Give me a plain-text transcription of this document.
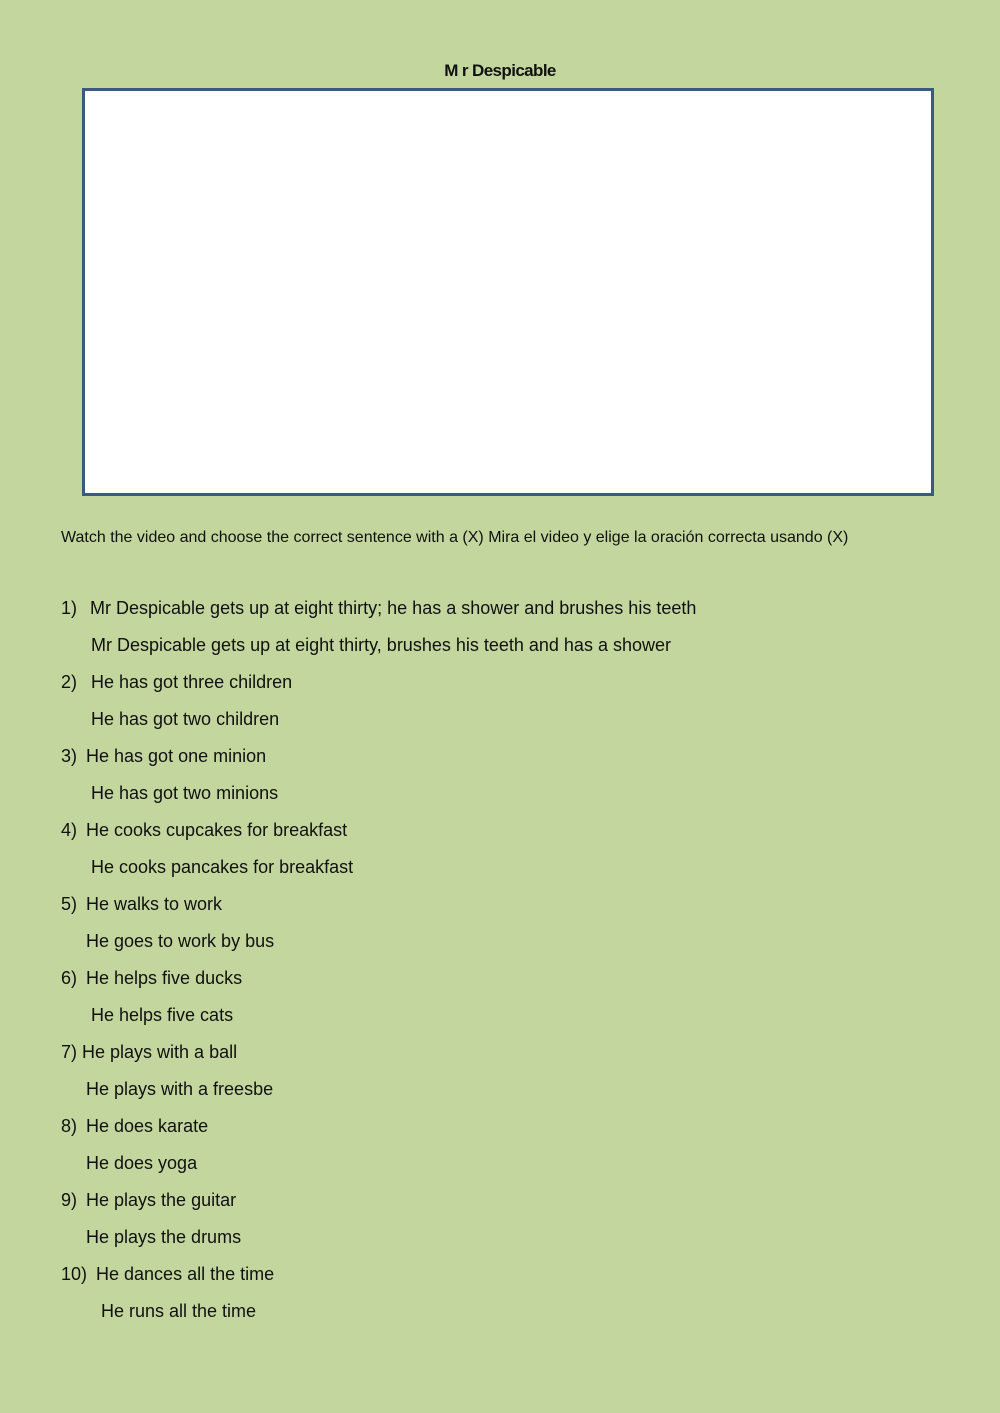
M r Despicable
Watch the video and choose the correct sentence with a (X) Mira el video y elige la oración correcta usando (X)
1) Mr Despicable gets up at eight thirty; he has a shower and brushes his teeth
Mr Despicable gets up at eight thirty, brushes his teeth and has a shower
2) He has got three children
He has got two children
3) He has got one minion
He has got two minions
4) He cooks cupcakes for breakfast
He cooks pancakes for breakfast
5) He walks to work
He goes to work by bus
6) He helps five ducks
He helps five cats
7) He plays with a ball
He plays with a freesbe
8) He does karate
He does yoga
9) He plays the guitar
He plays the drums
10) He dances all the time
He runs all the time
